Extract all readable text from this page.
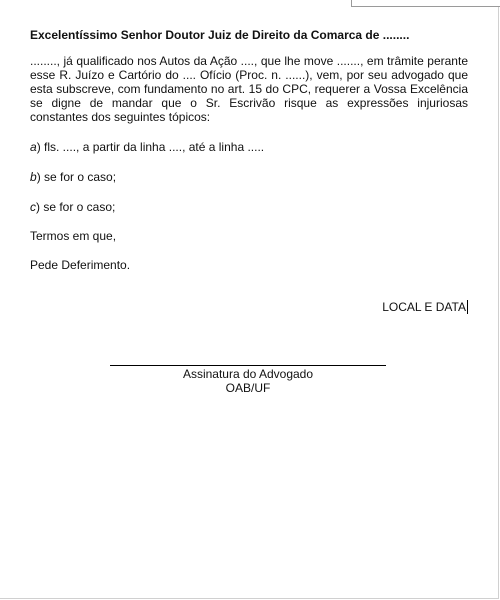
Excelentíssimo Senhor Doutor Juiz de Direito da Comarca de ........
........, já qualificado nos Autos da Ação ...., que lhe move ......., em trâmite perante esse R. Juízo e Cartório do .... Ofício (Proc. n. ......), vem, por seu advogado que esta subscreve, com fundamento no art. 15 do CPC, requerer a Vossa Excelência se digne de mandar que o Sr. Escrivão risque as expressões injuriosas constantes dos seguintes tópicos:
a) fls. ...., a partir da linha ...., até a linha .....
b) se for o caso;
c) se for o caso;
Termos em que,
Pede Deferimento.
LOCAL E DATA
Assinatura do Advogado
OAB/UF
